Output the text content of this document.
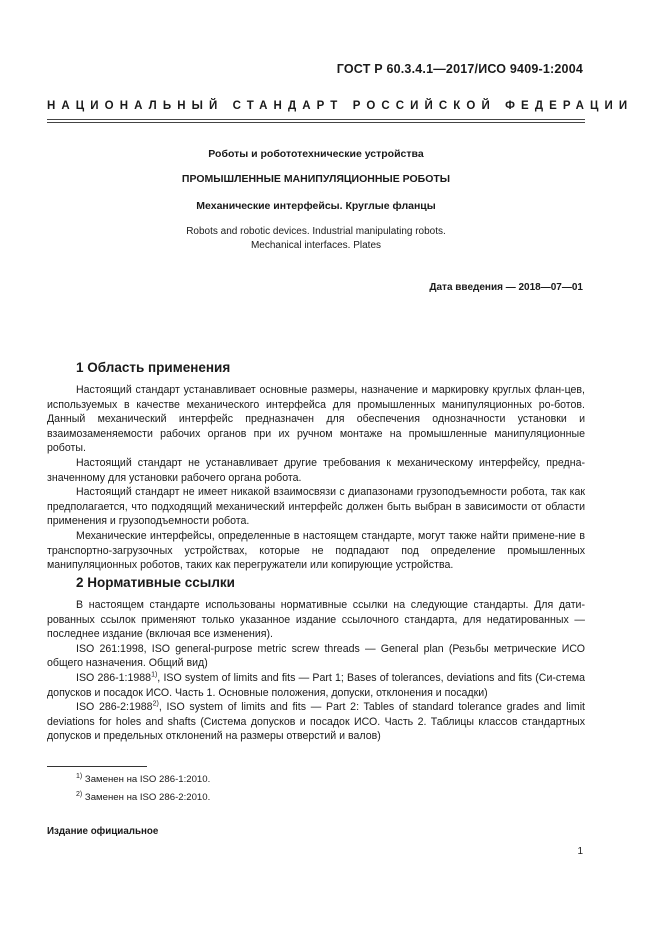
ГОСТ Р 60.3.4.1—2017/ИСО 9409-1:2004
НАЦИОНАЛЬНЫЙ СТАНДАРТ РОССИЙСКОЙ ФЕДЕРАЦИИ
Роботы и робототехнические устройства
ПРОМЫШЛЕННЫЕ МАНИПУЛЯЦИОННЫЕ РОБОТЫ
Механические интерфейсы. Круглые фланцы
Robots and robotic devices. Industrial manipulating robots.
Mechanical interfaces. Plates
Дата введения — 2018—07—01
1 Область применения

Настоящий стандарт устанавливает основные размеры, назначение и маркировку круглых флан-цев, используемых в качестве механического интерфейса для промышленных манипуляционных ро-ботов. Данный механический интерфейс предназначен для обеспечения однозначности установки и взаимозаменяемости рабочих органов при их ручном монтаже на промышленные манипуляционные роботы.

Настоящий стандарт не устанавливает другие требования к механическому интерфейсу, предна-значенному для установки рабочего органа робота.

Настоящий стандарт не имеет никакой взаимосвязи с диапазонами грузоподъемности робота, так как предполагается, что подходящий механический интерфейс должен быть выбран в зависимости от области применения и грузоподъемности робота.

Механические интерфейсы, определенные в настоящем стандарте, могут также найти примене-ние в транспортно-загрузочных устройствах, которые не подпадают под определение промышленных манипуляционных роботов, таких как перегружатели или копирующие устройства.

2 Нормативные ссылки

В настоящем стандарте использованы нормативные ссылки на следующие стандарты. Для дати-рованных ссылок применяют только указанное издание ссылочного стандарта, для недатированных — последнее издание (включая все изменения).

ISO 261:1998, ISO general-purpose metric screw threads — General plan (Резьбы метрические ИСО общего назначения. Общий вид)

ISO 286-1:1988$^{1)}$, ISO system of limits and fits — Part 1; Bases of tolerances, deviations and fits (Си-стема допусков и посадок ИСО. Часть 1. Основные положения, допуски, отклонения и посадки)

ISO 286-2:1988$^{2)}$, ISO system of limits and fits — Part 2: Tables of standard tolerance grades and limit deviations for holes and shafts (Система допусков и посадок ИСО. Часть 2. Таблицы классов стандартных допусков и предельных отклонений на размеры отверстий и валов)

$^{1)}$ Заменен на ISO 286-1:2010.
$^{2)}$ Заменен на ISO 286-2:2010.
Издание официальное
1
